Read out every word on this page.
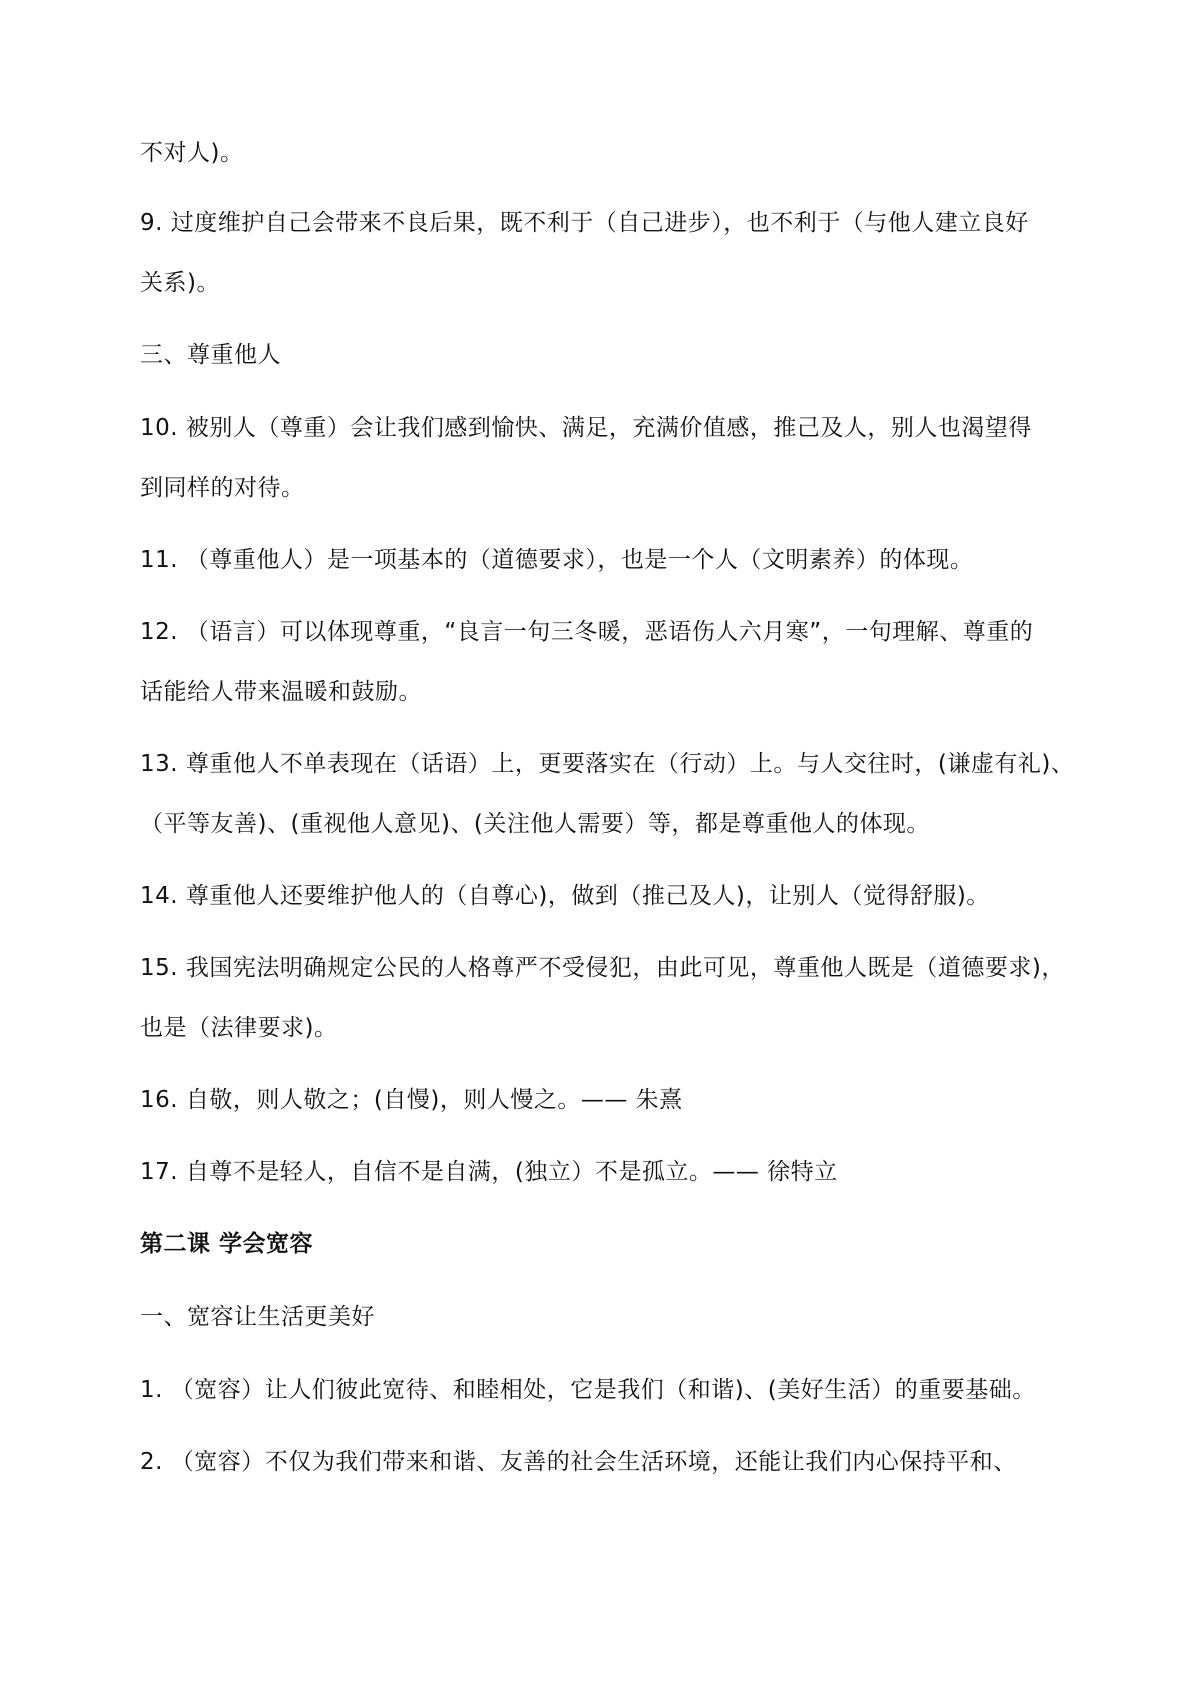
不对人)。
9. 过度维护自己会带来不良后果，既不利于（自己进步），也不利于（与他人建立良好
关系)。
三、尊重他人
10. 被别人（尊重）会让我们感到愉快、满足，充满价值感，推己及人，别人也渴望得
到同样的对待。
11. （尊重他人）是一项基本的（道德要求），也是一个人（文明素养）的体现。
12. （语言）可以体现尊重，“良言一句三冬暖，恶语伤人六月寒”，一句理解、尊重的
话能给人带来温暖和鼓励。
13. 尊重他人不单表现在（话语）上，更要落实在（行动）上。与人交往时，(谦虚有礼)、
（平等友善)、(重视他人意见)、(关注他人需要）等，都是尊重他人的体现。
14. 尊重他人还要维护他人的（自尊心)，做到（推己及人)，让别人（觉得舒服)。
15. 我国宪法明确规定公民的人格尊严不受侵犯，由此可见，尊重他人既是（道德要求)，
也是（法律要求)。
16. 自敬，则人敬之；(自慢)，则人慢之。—— 朱熹
17. 自尊不是轻人，自信不是自满，(独立）不是孤立。—— 徐特立
第二课 学会宽容
一、宽容让生活更美好
1. （宽容）让人们彼此宽待、和睦相处，它是我们（和谐)、(美好生活）的重要基础。
2. （宽容）不仅为我们带来和谐、友善的社会生活环境，还能让我们内心保持平和、
